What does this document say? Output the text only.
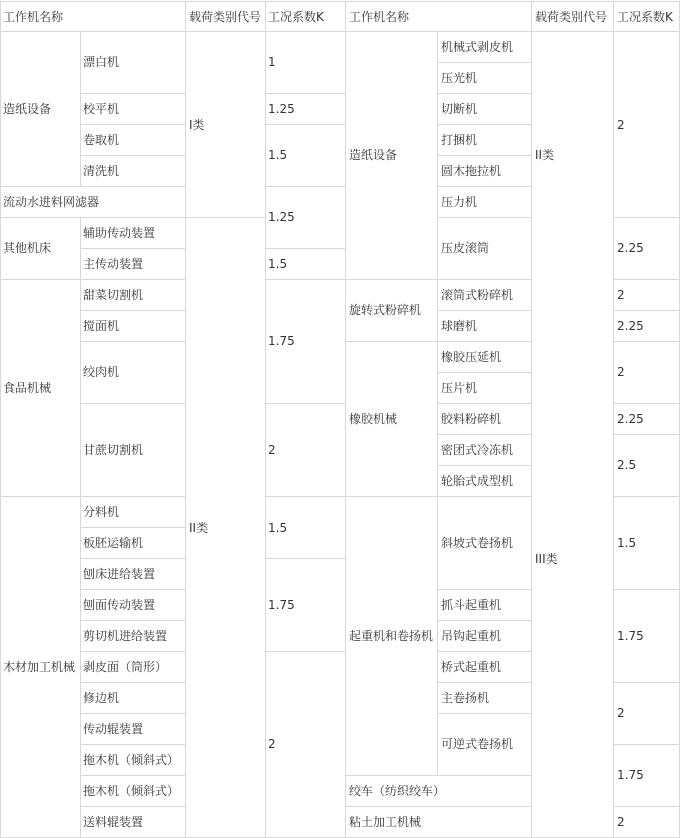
工作机名称	载荷类别代号 工况系数K 工作机名称	载荷类别代号 工况系数K
造纸设备
流动水进料网滤器
其他机床
食品机械
木材加工机械
漂白机
校平机
卷取机
清洗机
辅助传动装置
主传动装置
甜菜切割机
搅面机
绞肉机
甘蔗切割机
分料机
板胚运输机
刨床进给装置
刨面传动装置
剪切机进给装置
剥皮面（筒形）
修边机
传动辊装置
拖木机（倾斜式）
拖木机（倾斜式）
送料辊装置
I类
II类
1
1.25
1.5
1.25
1.5
1.75
2
1.5
1.75
2
造纸设备
旋转式粉碎机
橡胶机械
起重机和卷扬机
绞车（纺织绞车）
粘土加工机械
机械式剥皮机
压光机
切断机
打捆机
圆木拖拉机
压力机
压皮滚筒
滚筒式粉碎机
球磨机
橡胶压延机
压片机
胶料粉碎机
密团式冷冻机
轮胎式成型机
斜坡式卷扬机
抓斗起重机
吊钩起重机
桥式起重机
主卷扬机
可逆式卷扬机
II类
III类
2
2.25
2
2.25
2
2.25
2.5
1.5
1.75
2
1.75
2
